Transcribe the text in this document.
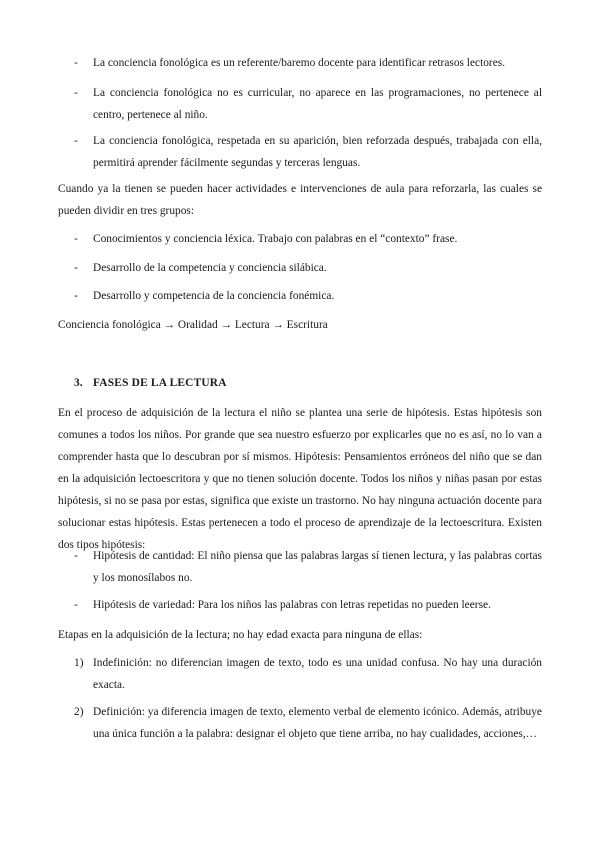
- La conciencia fonológica es un referente/baremo docente para identificar retrasos lectores.
- La conciencia fonológica no es curricular, no aparece en las programaciones, no pertenece al centro, pertenece al niño.
- La conciencia fonológica, respetada en su aparición, bien reforzada después, trabajada con ella, permitirá aprender fácilmente segundas y terceras lenguas.

Cuando ya la tienen se pueden hacer actividades e intervenciones de aula para reforzarla, las cuales se pueden dividir en tres grupos:

- Conocimientos y conciencia léxica. Trabajo con palabras en el “contexto” frase.
- Desarrollo de la competencia y conciencia silábica.
- Desarrollo y competencia de la conciencia fonémica.

Conciencia fonológica → Oralidad → Lectura → Escritura

3. FASES DE LA LECTURA

En el proceso de adquisición de la lectura el niño se plantea una serie de hipótesis. Estas hipótesis son comunes a todos los niños. Por grande que sea nuestro esfuerzo por explicarles que no es así, no lo van a comprender hasta que lo descubran por sí mismos. Hipótesis: Pensamientos erróneos del niño que se dan en la adquisición lectoescritora y que no tienen solución docente. Todos los niños y niñas pasan por estas hipótesis, si no se pasa por estas, significa que existe un trastorno. No hay ninguna actuación docente para solucionar estas hipótesis. Estas pertenecen a todo el proceso de aprendizaje de la lectoescritura. Existen dos tipos hipótesis:

- Hipótesis de cantidad: El niño piensa que las palabras largas sí tienen lectura, y las palabras cortas y los monosílabos no.
- Hipótesis de variedad: Para los niños las palabras con letras repetidas no pueden leerse.

Etapas en la adquisición de la lectura; no hay edad exacta para ninguna de ellas:

1) Indefinición: no diferencian imagen de texto, todo es una unidad confusa. No hay una duración exacta.
2) Definición: ya diferencia imagen de texto, elemento verbal de elemento icónico. Además, atribuye una única función a la palabra: designar el objeto que tiene arriba, no hay cualidades, acciones,…
